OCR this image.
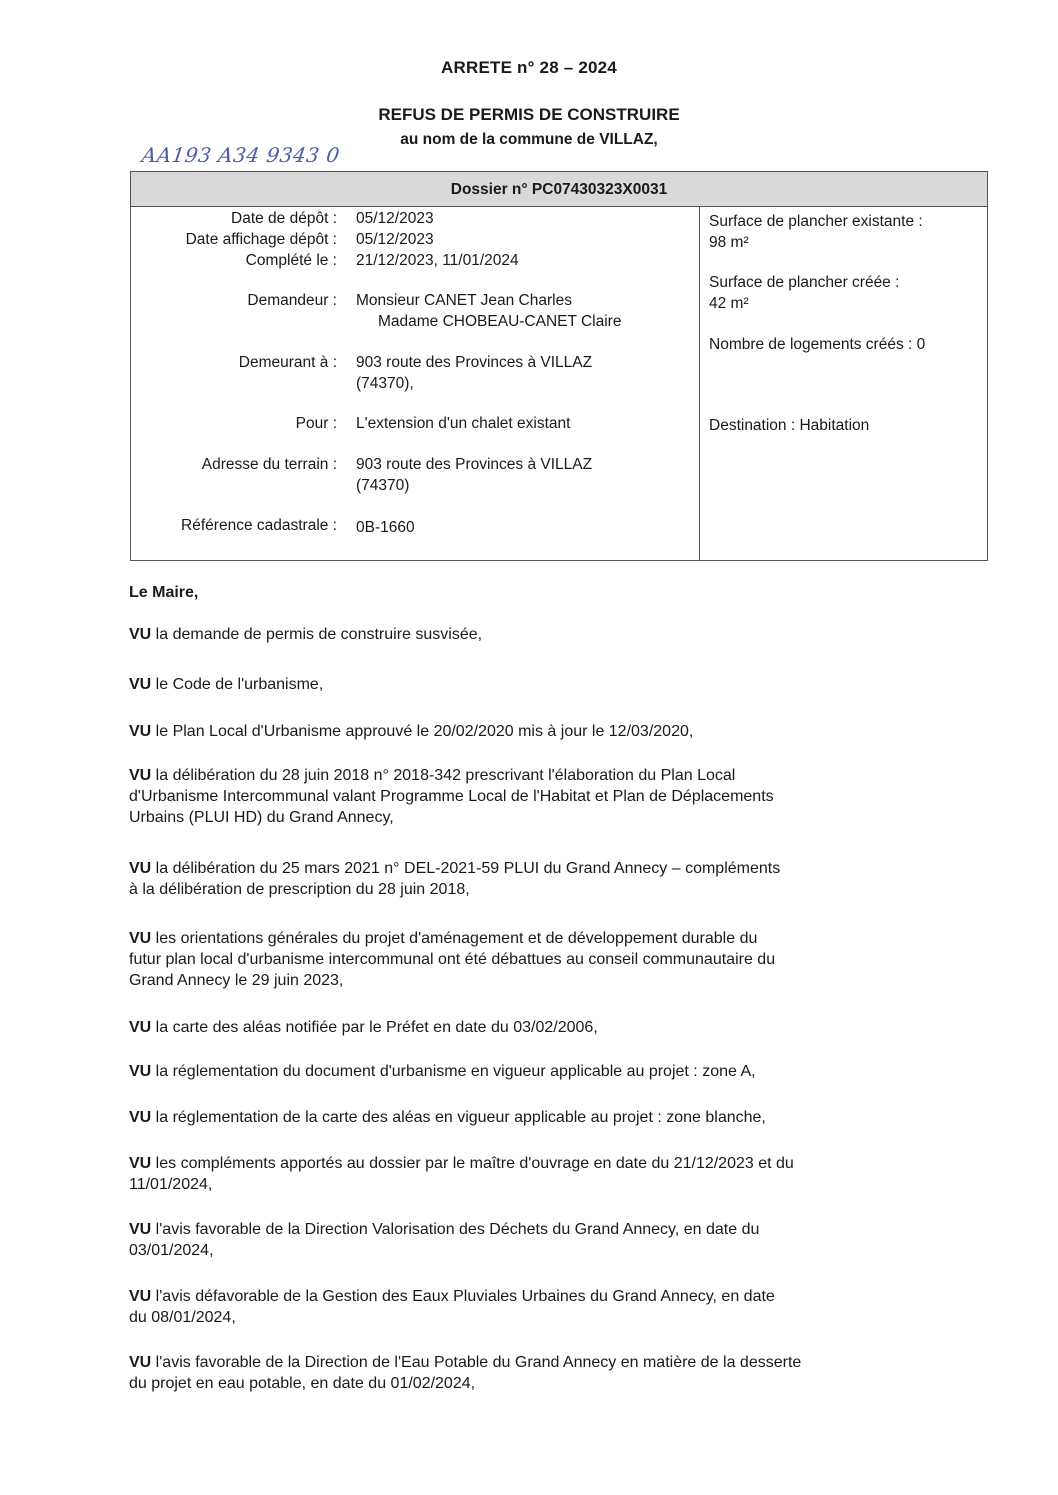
ARRETE n° 28 – 2024
REFUS DE PERMIS DE CONSTRUIRE
au nom de la commune de VILLAZ,
AA193 A34 9343 0
Dossier n° PC07430323X0031
Date de dépôt : 05/12/2023
Date affichage dépôt : 05/12/2023
Complété le : 21/12/2023, 11/01/2024
Demandeur : Monsieur CANET Jean Charles
Madame CHOBEAU-CANET Claire
Demeurant à : 903 route des Provinces à VILLAZ
(74370),
Pour : L'extension d'un chalet existant
Adresse du terrain : 903 route des Provinces à VILLAZ
(74370)
Référence cadastrale : 0B-1660
Surface de plancher existante :
98 m²
Surface de plancher créée :
42 m²
Nombre de logements créés : 0
Destination : Habitation
Le Maire,
VU la demande de permis de construire susvisée,
VU le Code de l'urbanisme,
VU le Plan Local d'Urbanisme approuvé le 20/02/2020 mis à jour le 12/03/2020,
VU la délibération du 28 juin 2018 n° 2018-342 prescrivant l'élaboration du Plan Local
d'Urbanisme Intercommunal valant Programme Local de l'Habitat et Plan de Déplacements
Urbains (PLUI HD) du Grand Annecy,
VU la délibération du 25 mars 2021 n° DEL-2021-59 PLUI du Grand Annecy – compléments
à la délibération de prescription du 28 juin 2018,
VU les orientations générales du projet d'aménagement et de développement durable du
futur plan local d'urbanisme intercommunal ont été débattues au conseil communautaire du
Grand Annecy le 29 juin 2023,
VU la carte des aléas notifiée par le Préfet en date du 03/02/2006,
VU la réglementation du document d'urbanisme en vigueur applicable au projet : zone A,
VU la réglementation de la carte des aléas en vigueur applicable au projet : zone blanche,
VU les compléments apportés au dossier par le maître d'ouvrage en date du 21/12/2023 et du
11/01/2024,
VU l'avis favorable de la Direction Valorisation des Déchets du Grand Annecy, en date du
03/01/2024,
VU l'avis défavorable de la Gestion des Eaux Pluviales Urbaines du Grand Annecy, en date
du 08/01/2024,
VU l'avis favorable de la Direction de l'Eau Potable du Grand Annecy en matière de la desserte
du projet en eau potable, en date du 01/02/2024,
